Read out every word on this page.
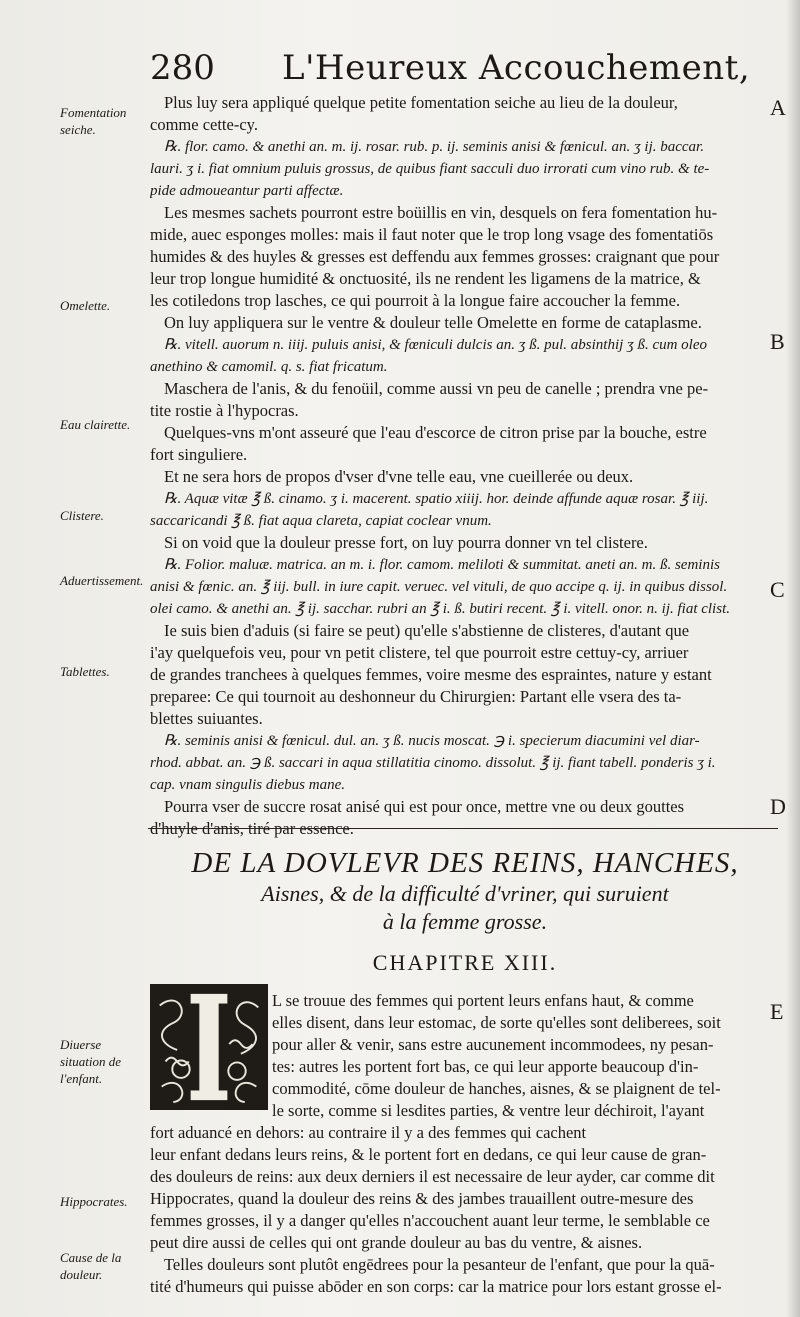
280 L'Heureux Accouchement,
Fomentation seiche.
Omelette.
Eau clairette.
Clistere.
Aduertissement.
Tablettes.
Diuerse situation de l'enfant.
Hippocrates.
Cause de la douleur.
A
B
C
D
E
Plus luy sera appliqué quelque petite fomentation seiche au lieu de la douleur,
comme cette-cy.
℞. flor. camo. & anethi an. m. ij. rosar. rub. p. ij. seminis anisi & fœnicul. an. ʒ ij. baccar.
lauri. ʒ i. fiat omnium puluis grossus, de quibus fiant sacculi duo irrorati cum vino rub. & te-
pide admoueantur parti affectæ.
Les mesmes sachets pourront estre boüillis en vin, desquels on fera fomentation hu-
mide, auec esponges molles: mais il faut noter que le trop long vsage des fomentatiōs
humides & des huyles & gresses est deffendu aux femmes grosses: craignant que pour
leur trop longue humidité & onctuosité, ils ne rendent les ligamens de la matrice, &
les cotiledons trop lasches, ce qui pourroit à la longue faire accoucher la femme.
On luy appliquera sur le ventre & douleur telle Omelette en forme de cataplasme.
℞. vitell. auorum n. iiij. puluis anisi, & fœniculi dulcis an. ʒ ß. pul. absinthij ʒ ß. cum oleo
anethino & camomil. q. s. fiat fricatum.
Maschera de l'anis, & du fenoüil, comme aussi vn peu de canelle ; prendra vne pe-
tite rostie à l'hypocras.
Quelques-vns m'ont asseuré que l'eau d'escorce de citron prise par la bouche, estre
fort singuliere.
Et ne sera hors de propos d'vser d'vne telle eau, vne cueillerée ou deux.
℞. Aquæ vitæ ℥ ß. cinamo. ʒ i. macerent. spatio xiiij. hor. deinde affunde aquæ rosar. ℥ iij.
saccaricandi ℥ ß. fiat aqua clareta, capiat coclear vnum.
Si on void que la douleur presse fort, on luy pourra donner vn tel clistere.
℞. Folior. maluæ. matrica. an m. i. flor. camom. meliloti & summitat. aneti an. m. ß. seminis
anisi & fœnic. an. ℥ iij. bull. in iure capit. veruec. vel vituli, de quo accipe q. ij. in quibus dissol.
olei camo. & anethi an. ℥ ij. sacchar. rubri an ℥ i. ß. butiri recent. ℥ i. vitell. onor. n. ij. fiat clist.
Ie suis bien d'aduis (si faire se peut) qu'elle s'abstienne de clisteres, d'autant que
i'ay quelquefois veu, pour vn petit clistere, tel que pourroit estre cettuy-cy, arriuer
de grandes tranchees à quelques femmes, voire mesme des espraintes, nature y estant
preparee: Ce qui tournoit au deshonneur du Chirurgien: Partant elle vsera des ta-
blettes suiuantes.
℞. seminis anisi & fœnicul. dul. an. ʒ ß. nucis moscat. ℈ i. specierum diacumini vel diar-
rhod. abbat. an. ℈ ß. saccari in aqua stillatitia cinomo. dissolut. ℥ ij. fiant tabell. ponderis ʒ i.
cap. vnam singulis diebus mane.
Pourra vser de succre rosat anisé qui est pour once, mettre vne ou deux gouttes
d'huyle d'anis, tiré par essence.
DE LA DOVLEVR DES REINS, HANCHES,
Aisnes, & de la difficulté d'vriner, qui suruient
à la femme grosse.
CHAPITRE XIII.
L se trouue des femmes qui portent leurs enfans haut, & comme
elles disent, dans leur estomac, de sorte qu'elles sont deliberees, soit
pour aller & venir, sans estre aucunement incommodees, ny pesan-
tes: autres les portent fort bas, ce qui leur apporte beaucoup d'in-
commodité, cōme douleur de hanches, aisnes, & se plaignent de tel-
le sorte, comme si lesdites parties, & ventre leur déchiroit, l'ayant
fort aduancé en dehors: au contraire il y a des femmes qui cachent
leur enfant dedans leurs reins, & le portent fort en dedans, ce qui leur cause de gran-
des douleurs de reins: aux deux derniers il est necessaire de leur ayder, car comme dit
Hippocrates, quand la douleur des reins & des jambes trauaillent outre-mesure des
femmes grosses, il y a danger qu'elles n'accouchent auant leur terme, le semblable ce
peut dire aussi de celles qui ont grande douleur au bas du ventre, & aisnes.
Telles douleurs sont plutôt engēdrees pour la pesanteur de l'enfant, que pour la quā-
tité d'humeurs qui puisse abōder en son corps: car la matrice pour lors estant grosse el-
